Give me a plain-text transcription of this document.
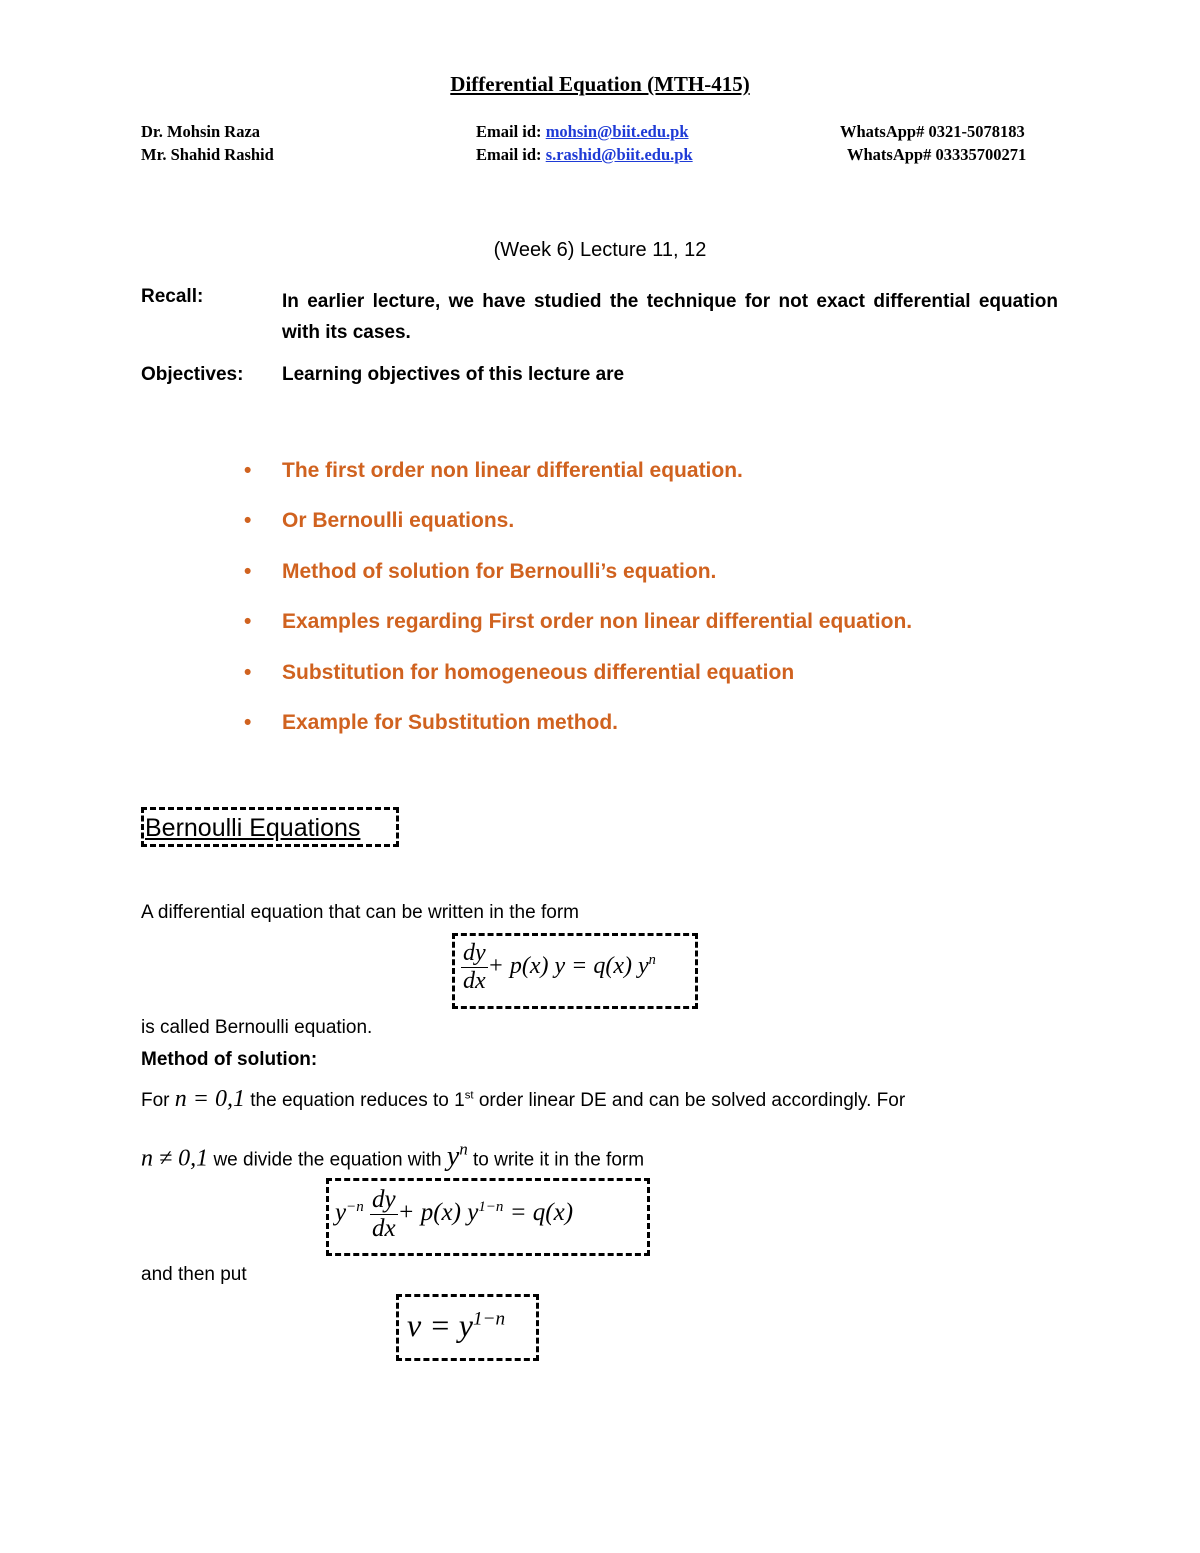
Differential Equation (MTH-415)
Dr. Mohsin Raza	Email id: mohsin@biit.edu.pk	WhatsApp# 0321-5078183
Mr. Shahid Rashid	Email id: s.rashid@biit.edu.pk	WhatsApp# 03335700271
(Week 6) Lecture 11, 12
Recall:	In earlier lecture, we have studied the technique for not exact differential equation with its cases.
Objectives: Learning objectives of this lecture are
• The first order non linear differential equation.
• Or Bernoulli equations.
• Method of solution for Bernoulli’s equation.
• Examples regarding First order non linear differential equation.
• Substitution for homogeneous differential equation
• Example for Substitution method.
Bernoulli Equations
A differential equation that can be written in the form
$\frac{dy}{dx} + p(x) y = q(x)$ $y^n$
is called Bernoulli equation.
Method of solution:
For n = 0,1 the equation reduces to 1st order linear DE and can be solved accordingly. For
n ≠ 0,1 we divide the equation with $y^n$ to write it in the form
$y^{-n} \frac{dy}{dx} + p(x) y^{1-n} = q(x)$
and then put
$v = y^{1-n}$
